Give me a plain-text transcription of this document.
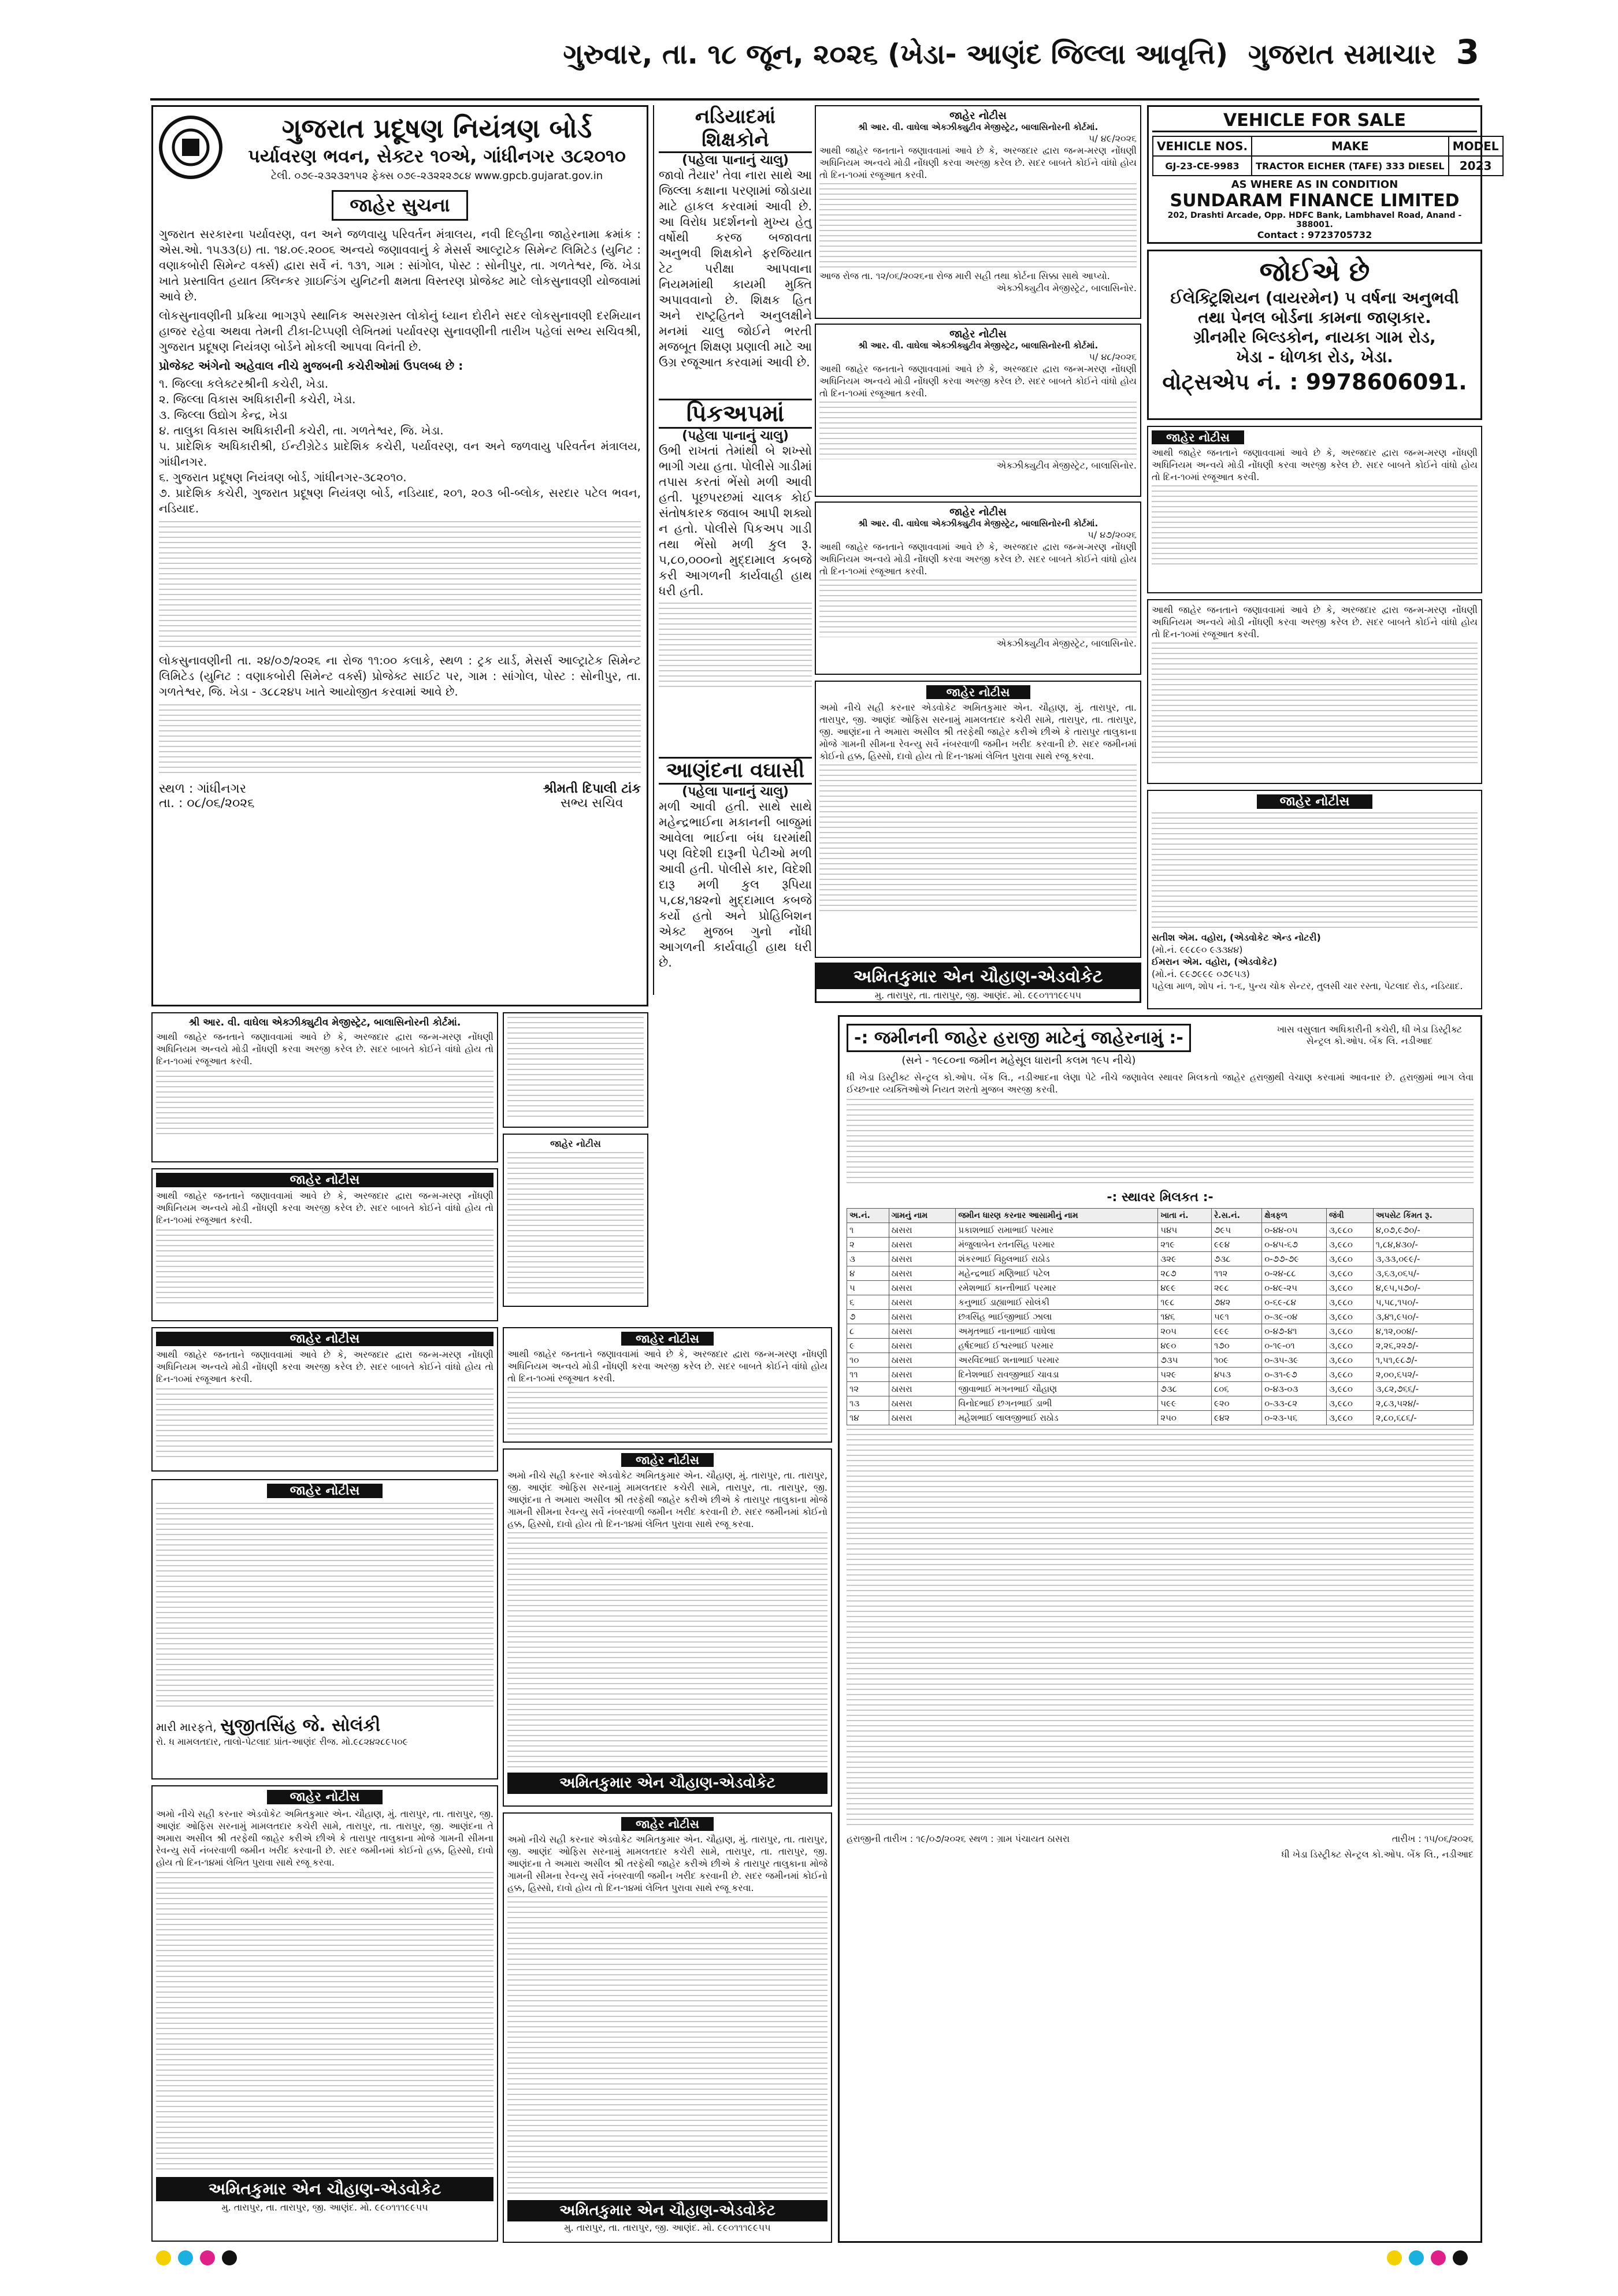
ગુરુવાર, તા. ૧૮ જૂન, ૨૦૨૬ (ખેડા- આણંદ જિલ્લા આવૃત્તિ) ગુજરાત સમાચાર 3
ગુજરાત પ્રદૂષણ નિયંત્રણ બોર્ડ
પર્યાવરણ ભવન, સેક્ટર ૧૦એ, ગાંધીનગર ૩૮૨૦૧૦
ટેલી. ૦૭૯-૨૩૨૩૨૧૫૨ ફેક્સ ૦૭૯-૨૩૨૨૨૭૮૪ www.gpcb.gujarat.gov.in
જાહેર સુચના
ગુજરાત સરકારના પર્યાવરણ, વન અને જળવાયુ પરિવર્તન મંત્રાલય, નવી દિલ્હીના જાહેરનામા ક્રમાંક : એસ.ઓ. ૧૫૩૩(ઇ) તા. ૧૪.૦૯.૨૦૦૬ અન્વયે જણાવવાનું કે મેસર્સ આલ્ટ્રાટેક સિમેન્ટ લિમિટેડ (યુનિટ : વણાકબોરી સિમેન્ટ વર્ક્સ) દ્વારા સર્વે નં. ૧૩૧, ગામ : સાંગોલ, પોસ્ટ : સોનીપુર, તા. ગળતેશ્વર, જિ. ખેડા ખાતે પ્રસ્તાવિત હયાત ક્લિન્કર ગ્રાઇન્ડિંગ યુનિટની ક્ષમતા વિસ્તરણ પ્રોજેક્ટ માટે લોકસુનાવણી યોજવામાં આવે છે.
લોકસુનાવણીની પ્રક્રિયા ભાગરૂપે સ્થાનિક અસરગ્રસ્ત લોકોનું ધ્યાન દોરીને સદર લોકસુનાવણી દરમિયાન હાજર રહેવા અથવા તેમની ટીકા-ટિપ્પણી લેખિતમાં પર્યાવરણ સુનાવણીની તારીખ પહેલાં સભ્ય સચિવશ્રી, ગુજરાત પ્રદૂષણ નિયંત્રણ બોર્ડને મોકલી આપવા વિનંતી છે.
પ્રોજેક્ટ અંગેનો અહેવાલ નીચે મુજબની કચેરીઓમાં ઉપલબ્ધ છે :
૧. જિલ્લા કલેક્ટરશ્રીની કચેરી, ખેડા.
૨. જિલ્લા વિકાસ અધિકારીની કચેરી, ખેડા.
૩. જિલ્લા ઉદ્યોગ કેન્દ્ર, ખેડા
૪. તાલુકા વિકાસ અધિકારીની કચેરી, તા. ગળતેશ્વર, જિ. ખેડા.
૫. પ્રાદેશિક અધિકારીશ્રી, ઈન્ટીગ્રેટેડ પ્રાદેશિક કચેરી, પર્યાવરણ, વન અને જળવાયુ પરિવર્તન મંત્રાલય, ગાંધીનગર.
૬. ગુજરાત પ્રદૂષણ નિયંત્રણ બોર્ડ, ગાંધીનગર-૩૮૨૦૧૦.
૭. પ્રાદેશિક કચેરી, ગુજરાત પ્રદૂષણ નિયંત્રણ બોર્ડ, નડિયાદ, ૨૦૧, ૨૦૩ બી-બ્લોક, સરદાર પટેલ ભવન, નડિયાદ.
લોકસુનાવણીની તા. ૨૪/૦૭/૨૦૨૬ ના રોજ ૧૧:૦૦ કલાકે, સ્થળ : ટ્રક યાર્ડ, મેસર્સ આલ્ટ્રાટેક સિમેન્ટ લિમિટેડ (યુનિટ : વણાકબોરી સિમેન્ટ વર્ક્સ) પ્રોજેક્ટ સાઈટ પર, ગામ : સાંગોલ, પોસ્ટ : સોનીપુર, તા. ગળતેશ્વર, જિ. ખેડા - ૩૮૮૨૪૫ ખાતે આયોજીત કરવામાં આવે છે.
સ્થળ : ગાંધીનગર
તા. : ૦૮/૦૬/૨૦૨૬
શ્રીમતી દિપાલી ટાંક
સભ્ય સચિવ
શ્રી આર. વી. વાઘેલા એક્ઝીક્યુટીવ મેજીસ્ટ્રેટ, બાલાસિનોરની કોર્ટમાં.
આથી જાહેર જનતાને જણાવવામાં આવે છે કે, અરજદાર દ્વારા જન્મ-મરણ નોંધણી અધિનિયમ અન્વયે મોડી નોંધણી કરવા અરજી કરેલ છે. સદર બાબતે કોઈને વાંધો હોય તો દિન-૧૦માં રજૂઆત કરવી.
જાહેર નોટીસ
આથી જાહેર જનતાને જણાવવામાં આવે છે કે, અરજદાર દ્વારા જન્મ-મરણ નોંધણી અધિનિયમ અન્વયે મોડી નોંધણી કરવા અરજી કરેલ છે. સદર બાબતે કોઈને વાંધો હોય તો દિન-૧૦માં રજૂઆત કરવી.
જાહેર નોટીસ
આથી જાહેર જનતાને જણાવવામાં આવે છે કે, અરજદાર દ્વારા જન્મ-મરણ નોંધણી અધિનિયમ અન્વયે મોડી નોંધણી કરવા અરજી કરેલ છે. સદર બાબતે કોઈને વાંધો હોય તો દિન-૧૦માં રજૂઆત કરવી.
જાહેર નોટીસ
મારી મારફતે, સુજીતસિંહ જે. સોલંકી
રો. ધ મામલતદાર, તાલો-પેટલાદ પ્રાંત-આણંદ રીજ. મો.૯૮૨૪૨૮૯૫૦૯
જાહેર નોટીસ
અમો નીચે સહી કરનાર એડવોકેટ અમિતકુમાર એન. ચૌહાણ, મું. તારાપુર, તા. તારાપુર, જી. આણંદ ઓફિસ સરનામું મામલતદાર કચેરી સામે, તારાપુર, તા. તારાપુર, જી. આણંદના તે અમારા અસીલ શ્રી તરફેથી જાહેર કરીએ છીએ કે તારાપુર તાલુકાના મોજે ગામની સીમના રેવન્યુ સર્વે નંબરવાળી જમીન ખરીદ કરવાની છે. સદર જમીનમાં કોઈનો હક્ક, હિસ્સો, દાવો હોય તો દિન-૧૪માં લેખિત પુરાવા સાથે રજૂ કરવા.
અમિતકુમાર એન ચૌહાણ-એડવોકેટ
મુ. તારાપુર, તા. તારાપુર, જી. આણંદ. મો. ૯૯૦૧૧૧૯૯૫૫
નડિયાદમાં શિક્ષકોને
(પહેલા પાનાનું ચાલુ)
જાવો તૈયાર' તેવા નારા સાથે આ જિલ્લા કક્ષાના પરણામાં જોડાયા માટે હાકલ કરવામાં આવી છે. આ વિરોધ પ્રદર્શનનો મુખ્ય હેતુ વર્ષોથી કરજ બજાવતા અનુભવી શિક્ષકોને ફરજિયાત ટેટ પરીક્ષા આપવાના નિયમમાંથી કાયમી મુક્તિ અપાવવાનો છે. શિક્ષક હિત અને રાષ્ટ્રહિતને અનુલક્ષીને મનમાં ચાલુ જોઈને ભરતી મજબૂત શિક્ષણ પ્રણાલી માટે આ ઉગ્ર રજૂઆત કરવામાં આવી છે.
પિકઅપમાં
(પહેલા પાનાનું ચાલુ)
ઉભી રાખતાં તેમાંથી બે શખ્સો ભાગી ગયા હતા. પોલીસે ગાડીમાં તપાસ કરતાં ભેંસો મળી આવી હતી. પૂછપરછમાં ચાલક કોઈ સંતોષકારક જવાબ આપી શક્યો ન હતો. પોલીસે પિકઅપ ગાડી તથા ભેંસો મળી કુલ રૂ. ૫,૮૦,૦૦૦નો મુદ્દામાલ કબજે કરી આગળની કાર્યવાહી હાથ ધરી હતી.
આણંદના વઘાસી
(પહેલા પાનાનું ચાલુ)
મળી આવી હતી. સાથે સાથે મહેન્દ્રભાઈના મકાનની બાજુમાં આવેલા ભાઈના બંધ ઘરમાંથી પણ વિદેશી દારૂની પેટીઓ મળી આવી હતી. પોલીસે કાર, વિદેશી દારૂ મળી કુલ રૂપિયા ૫,૮૪,૧૪૨નો મુદ્દામાલ કબજે કર્યો હતો અને પ્રોહિબિશન એક્ટ મુજબ ગુનો નોંધી આગળની કાર્યવાહી હાથ ધરી છે.
જાહેર નોટીસ
શ્રી આર. વી. વાઘેલા એક્ઝીક્યુટીવ મેજીસ્ટ્રેટ, બાલાસિનોરની કોર્ટમાં.
પ/ ૪૯/૨૦૨૬
આથી જાહેર જનતાને જણાવવામાં આવે છે કે, અરજદાર દ્વારા જન્મ-મરણ નોંધણી અધિનિયમ અન્વયે મોડી નોંધણી કરવા અરજી કરેલ છે. સદર બાબતે કોઈને વાંધો હોય તો દિન-૧૦માં રજૂઆત કરવી.
આજ રોજ તા. ૧૨/૦૬/૨૦૨૬ના રોજ મારી સહી તથા કોર્ટના સિક્કા સાથે આપ્યો.
એક્ઝીક્યુટીવ મેજીસ્ટ્રેટ, બાલાસિનોર.
જાહેર નોટીસ
શ્રી આર. વી. વાઘેલા એક્ઝીક્યુટીવ મેજીસ્ટ્રેટ, બાલાસિનોરની કોર્ટમાં.
પ/ ૪૮/૨૦૨૬
આથી જાહેર જનતાને જણાવવામાં આવે છે કે, અરજદાર દ્વારા જન્મ-મરણ નોંધણી અધિનિયમ અન્વયે મોડી નોંધણી કરવા અરજી કરેલ છે. સદર બાબતે કોઈને વાંધો હોય તો દિન-૧૦માં રજૂઆત કરવી.
એક્ઝીક્યુટીવ મેજીસ્ટ્રેટ, બાલાસિનોર.
જાહેર નોટીસ
શ્રી આર. વી. વાઘેલા એક્ઝીક્યુટીવ મેજીસ્ટ્રેટ, બાલાસિનોરની કોર્ટમાં.
પ/ ૪૭/૨૦૨૬
આથી જાહેર જનતાને જણાવવામાં આવે છે કે, અરજદાર દ્વારા જન્મ-મરણ નોંધણી અધિનિયમ અન્વયે મોડી નોંધણી કરવા અરજી કરેલ છે. સદર બાબતે કોઈને વાંધો હોય તો દિન-૧૦માં રજૂઆત કરવી.
એક્ઝીક્યુટીવ મેજીસ્ટ્રેટ, બાલાસિનોર.
જાહેર નોટીસ
અમો નીચે સહી કરનાર એડવોકેટ અમિતકુમાર એન. ચૌહાણ, મું. તારાપુર, તા. તારાપુર, જી. આણંદ ઓફિસ સરનામું મામલતદાર કચેરી સામે, તારાપુર, તા. તારાપુર, જી. આણંદના તે અમારા અસીલ શ્રી તરફેથી જાહેર કરીએ છીએ કે તારાપુર તાલુકાના મોજે ગામની સીમના રેવન્યુ સર્વે નંબરવાળી જમીન ખરીદ કરવાની છે. સદર જમીનમાં કોઈનો હક્ક, હિસ્સો, દાવો હોય તો દિન-૧૪માં લેખિત પુરાવા સાથે રજૂ કરવા.
અમિતકુમાર એન ચૌહાણ-એડવોકેટ
મુ. તારાપુર, તા. તારાપુર, જી. આણંદ. મો. ૯૯૦૧૧૧૯૯૫૫
VEHICLE FOR SALE
VEHICLE NOS.	MAKE	MODEL
GJ-23-CE-9983	TRACTOR EICHER (TAFE) 333 DIESEL	2023
AS WHERE AS IN CONDITION
SUNDARAM FINANCE LIMITED
202, Drashti Arcade, Opp. HDFC Bank, Lambhavel Road, Anand - 388001.
Contact : 9723705732
જોઈએ છે
ઈલેક્ટ્રિશિયન (વાયરમેન) ૫ વર્ષના અનુભવી
તથા પેનલ બોર્ડના કામના જાણકાર.
ગ્રીનમીર બિલ્ડકોન, નાયકા ગામ રોડ,
ખેડા - ધોળકા રોડ, ખેડા.
વોટ્સએપ નં. : 9978606091.
જાહેર નોટીસ
આથી જાહેર જનતાને જણાવવામાં આવે છે કે, અરજદાર દ્વારા જન્મ-મરણ નોંધણી અધિનિયમ અન્વયે મોડી નોંધણી કરવા અરજી કરેલ છે. સદર બાબતે કોઈને વાંધો હોય તો દિન-૧૦માં રજૂઆત કરવી.
આથી જાહેર જનતાને જણાવવામાં આવે છે કે, અરજદાર દ્વારા જન્મ-મરણ નોંધણી અધિનિયમ અન્વયે મોડી નોંધણી કરવા અરજી કરેલ છે. સદર બાબતે કોઈને વાંધો હોય તો દિન-૧૦માં રજૂઆત કરવી.
જાહેર નોટીસ
સતીશ એમ. વહોરા, (એડવોકેટ એન્ડ નોટરી)
(મો.નં. ૯૯૮૯૦ ૯૩૩૪૪)
ઈમરાન એમ. વહોરા, (એડવોકેટ)
(મો.નં. ૯૯૭૯૯૯ ૦૭૯૫૩)
પહેલા માળ, શોપ નં. ૧-૬, પુન્ય ચોક સેન્ટર, તુલસી ચાર રસ્તા, પેટલાદ રોડ, નડિયાદ.
જાહેર નોટીસ
જાહેર નોટીસ
આથી જાહેર જનતાને જણાવવામાં આવે છે કે, અરજદાર દ્વારા જન્મ-મરણ નોંધણી અધિનિયમ અન્વયે મોડી નોંધણી કરવા અરજી કરેલ છે. સદર બાબતે કોઈને વાંધો હોય તો દિન-૧૦માં રજૂઆત કરવી.
જાહેર નોટીસ
અમો નીચે સહી કરનાર એડવોકેટ અમિતકુમાર એન. ચૌહાણ, મું. તારાપુર, તા. તારાપુર, જી. આણંદ ઓફિસ સરનામું મામલતદાર કચેરી સામે, તારાપુર, તા. તારાપુર, જી. આણંદના તે અમારા અસીલ શ્રી તરફેથી જાહેર કરીએ છીએ કે તારાપુર તાલુકાના મોજે ગામની સીમના રેવન્યુ સર્વે નંબરવાળી જમીન ખરીદ કરવાની છે. સદર જમીનમાં કોઈનો હક્ક, હિસ્સો, દાવો હોય તો દિન-૧૪માં લેખિત પુરાવા સાથે રજૂ કરવા.
અમિતકુમાર એન ચૌહાણ-એડવોકેટ
જાહેર નોટીસ
અમો નીચે સહી કરનાર એડવોકેટ અમિતકુમાર એન. ચૌહાણ, મું. તારાપુર, તા. તારાપુર, જી. આણંદ ઓફિસ સરનામું મામલતદાર કચેરી સામે, તારાપુર, તા. તારાપુર, જી. આણંદના તે અમારા અસીલ શ્રી તરફેથી જાહેર કરીએ છીએ કે તારાપુર તાલુકાના મોજે ગામની સીમના રેવન્યુ સર્વે નંબરવાળી જમીન ખરીદ કરવાની છે. સદર જમીનમાં કોઈનો હક્ક, હિસ્સો, દાવો હોય તો દિન-૧૪માં લેખિત પુરાવા સાથે રજૂ કરવા.
અમિતકુમાર એન ચૌહાણ-એડવોકેટ
મુ. તારાપુર, તા. તારાપુર, જી. આણંદ. મો. ૯૯૦૧૧૧૯૯૫૫
-: જમીનની જાહેર હરાજી માટેનું જાહેરનામું :-
(સને - ૧૯૮૦ના જમીન મહેસૂલ ધારાની કલમ ૧૯૫ નીચે)
ખાસ વસુલાત અધિકારીની કચેરી, ધી ખેડા ડિસ્ટ્રીક્ટ સેન્ટ્રલ કો.ઓપ. બેંક લિ. નડીઆદ
ધી ખેડા ડિસ્ટ્રીક્ટ સેન્ટ્રલ કો.ઓપ. બેંક લિ., નડીઆદના લેણા પેટે નીચે જણાવેલ સ્થાવર મિલકતો જાહેર હરાજીથી વેચાણ કરવામાં આવનાર છે. હરાજીમાં ભાગ લેવા ઈચ્છનાર વ્યક્તિઓએ નિયત શરતો મુજબ અરજી કરવી.
-: સ્થાવર મિલકત :-
અ.નં.	ગામનું નામ	જમીન ધારણ કરનાર આસામીનું નામ	ખાતા નં.	રે.સ.નં.	ક્ષેત્રફળ	જંત્રી	અપસેટ કિંમત રૂ.
૧	ઠાસરા	પ્રકાશભાઈ રામાભાઈ પરમાર	૫૪૫	૭૯૫	૦-૪૪-૦૫	૩,૯૮૦	૪,૦૭,૯૭૦/-
૨	ઠાસરા	મંજુલાબેન રતનસિંહ પરમાર	૨૧૯	૯૯૪	૦-૪૫-૬૭	૩,૯૮૦	૧,૮૪,૪૩૦/-
૩	ઠાસરા	શંકરભાઈ વિઠ્ઠલભાઈ રાઠોડ	૩૨૯	૭૩૮	૦-૭૭-૭૯	૩,૯૮૦	૩,૩૩,૦૯૯/-
૪	ઠાસરા	મહેન્દ્રભાઈ મણિભાઈ પટેલ	૨૮૭	૧૧૨	૦-૨૪-૮૮	૩,૯૮૦	૩,૬૩,૦૬૫/-
૫	ઠાસરા	રમેશભાઈ કાન્તીભાઈ પરમાર	૪૯૯	૨૯૮	૦-૪૯-૨૫	૩,૯૮૦	૪,૯૫,૫૭૦/-
૬	ઠાસરા	કનુભાઈ ડાહ્યાભાઈ સોલંકી	૧૯૮	૭૪૨	૦-૬૯-૮૪	૩,૯૮૦	૫,૫૮,૧૫૦/-
૭	ઠાસરા	છત્રસિંહ ભાઈજીભાઈ ઝાલા	૧૪૬	૫૯૧	૦-૩૯-૦૪	૩,૯૮૦	૩,૪૧,૯૫૦/-
૮	ઠાસરા	અમૃતભાઈ નાનાભાઈ વાઘેલા	૨૦૫	૯૯૯	૦-૪૭-૪૧	૩,૯૮૦	૪,૧૨,૦૦૪/-
૯	ઠાસરા	હર્ષદભાઈ ઈશ્વરભાઈ પરમાર	૪૯૦	૧૭૦	૦-૧૯-૦૧	૩,૯૮૦	૨,૨૬,૨૨૭/-
૧૦	ઠાસરા	અરવિંદભાઈ શનાભાઈ પરમાર	૭૩૫	૧૦૯	૦-૩૫-૩૯	૩,૯૮૦	૧,૫૧,૯૮૭/-
૧૧	ઠાસરા	દિનેશભાઈ રાવજીભાઈ ચાવડા	૫૨૯	૪૫૩	૦-૩૧-૯૭	૩,૯૮૦	૨,૦૦,૬૫૨/-
૧૨	ઠાસરા	જીવાભાઈ મગનભાઈ ચૌહાણ	૭૩૮	૮૦૬	૦-૪૩-૦૩	૩,૯૮૦	૩,૮૨,૭૬૬/-
૧૩	ઠાસરા	વિનોદભાઈ છગનભાઈ ડાભી	૫૯૯	૯૨૦	૦-૩૩-૮૨	૩,૯૮૦	૨,૮૩,૫૨૪/-
૧૪	ઠાસરા	મહેશભાઈ લાલજીભાઈ રાઠોડ	૨૫૦	૯૪૨	૦-૨૩-૫૬	૩,૯૮૦	૨,૮૦,૬૮૬/-
હરાજીની તારીખ : ૧૯/૦૭/૨૦૨૬ સ્થળ : ગ્રામ પંચાયત ઠાસરા	તારીખ : ૧૫/૦૬/૨૦૨૬
ધી ખેડા ડિસ્ટ્રીક્ટ સેન્ટ્રલ કો.ઓપ. બેંક લિ., નડીઆદ
